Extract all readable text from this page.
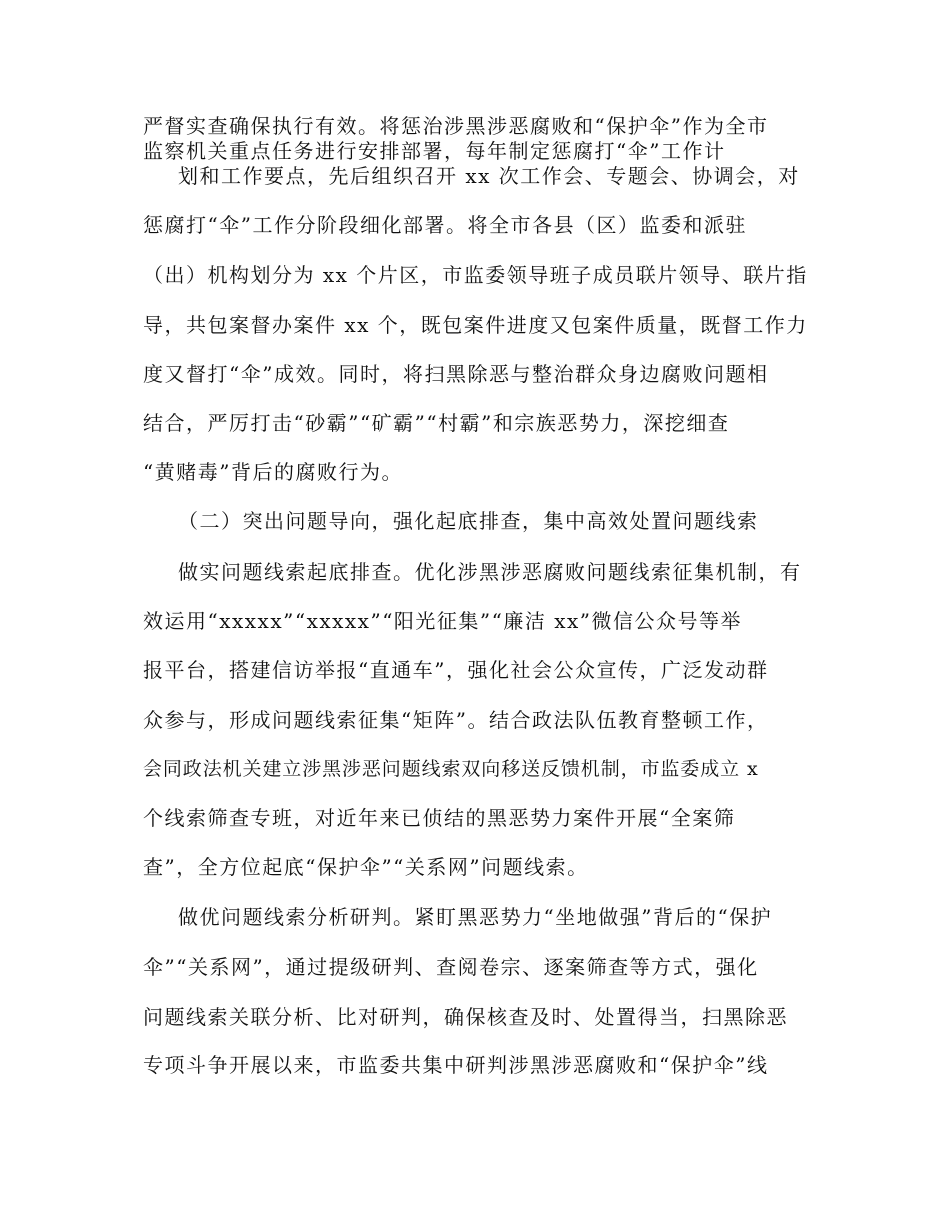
严督实查确保执行有效。将惩治涉黑涉恶腐败和“保护伞”作为全市
监察机关重点任务进行安排部署，每年制定惩腐打“伞”工作计
划和工作要点，先后组织召开 xx 次工作会、专题会、协调会，对
惩腐打“伞”工作分阶段细化部署。将全市各县（区）监委和派驻
（出）机构划分为 xx 个片区，市监委领导班子成员联片领导、联片指
导，共包案督办案件 xx 个，既包案件进度又包案件质量，既督工作力
度又督打“伞”成效。同时，将扫黑除恶与整治群众身边腐败问题相
结合，严厉打击“砂霸”“矿霸”“村霸”和宗族恶势力，深挖细查
“黄赌毒”背后的腐败行为。
（二）突出问题导向，强化起底排查，集中高效处置问题线索
做实问题线索起底排查。优化涉黑涉恶腐败问题线索征集机制，有
效运用“xxxxx”“xxxxx”“阳光征集”“廉洁 xx”微信公众号等举
报平台，搭建信访举报“直通车”，强化社会公众宣传，广泛发动群
众参与，形成问题线索征集“矩阵”。结合政法队伍教育整顿工作，
会同政法机关建立涉黑涉恶问题线索双向移送反馈机制，市监委成立 x
个线索筛查专班，对近年来已侦结的黑恶势力案件开展“全案筛
查”，全方位起底“保护伞”“关系网”问题线索。
做优问题线索分析研判。紧盯黑恶势力“坐地做强”背后的“保护
伞”“关系网”，通过提级研判、查阅卷宗、逐案筛查等方式，强化
问题线索关联分析、比对研判，确保核查及时、处置得当，扫黑除恶
专项斗争开展以来，市监委共集中研判涉黑涉恶腐败和“保护伞”线
